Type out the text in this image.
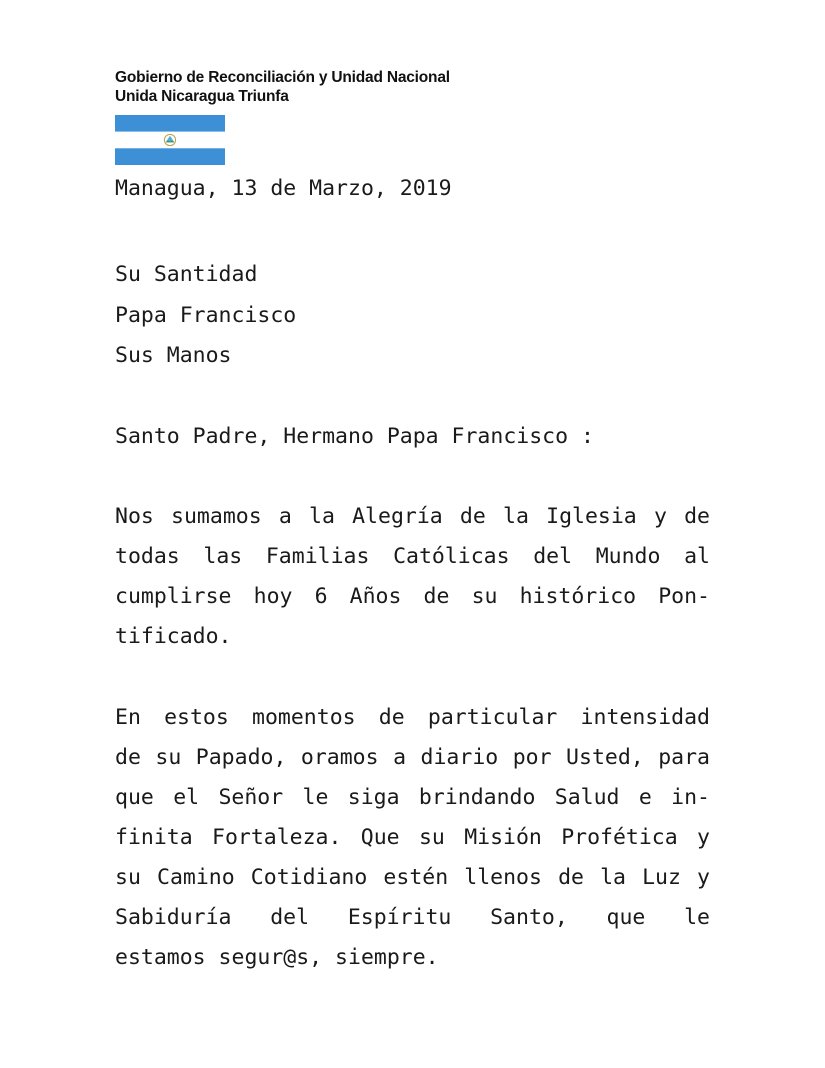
Gobierno de Reconciliación y Unidad Nacional
Unida Nicaragua Triunfa
Managua, 13 de Marzo, 2019
Su Santidad
Papa Francisco
Sus Manos
Santo Padre, Hermano Papa Francisco :
Nos sumamos a la Alegría de la Iglesia y de
todas las Familias Católicas del Mundo al
cumplirse hoy 6 Años de su histórico Pon-
tificado.
En estos momentos de particular intensidad
de su Papado, oramos a diario por Usted, para
que el Señor le siga brindando Salud e in-
finita Fortaleza. Que su Misión Profética y
su Camino Cotidiano estén llenos de la Luz y
Sabiduría del Espíritu Santo, que le
estamos segur@s, siempre.
